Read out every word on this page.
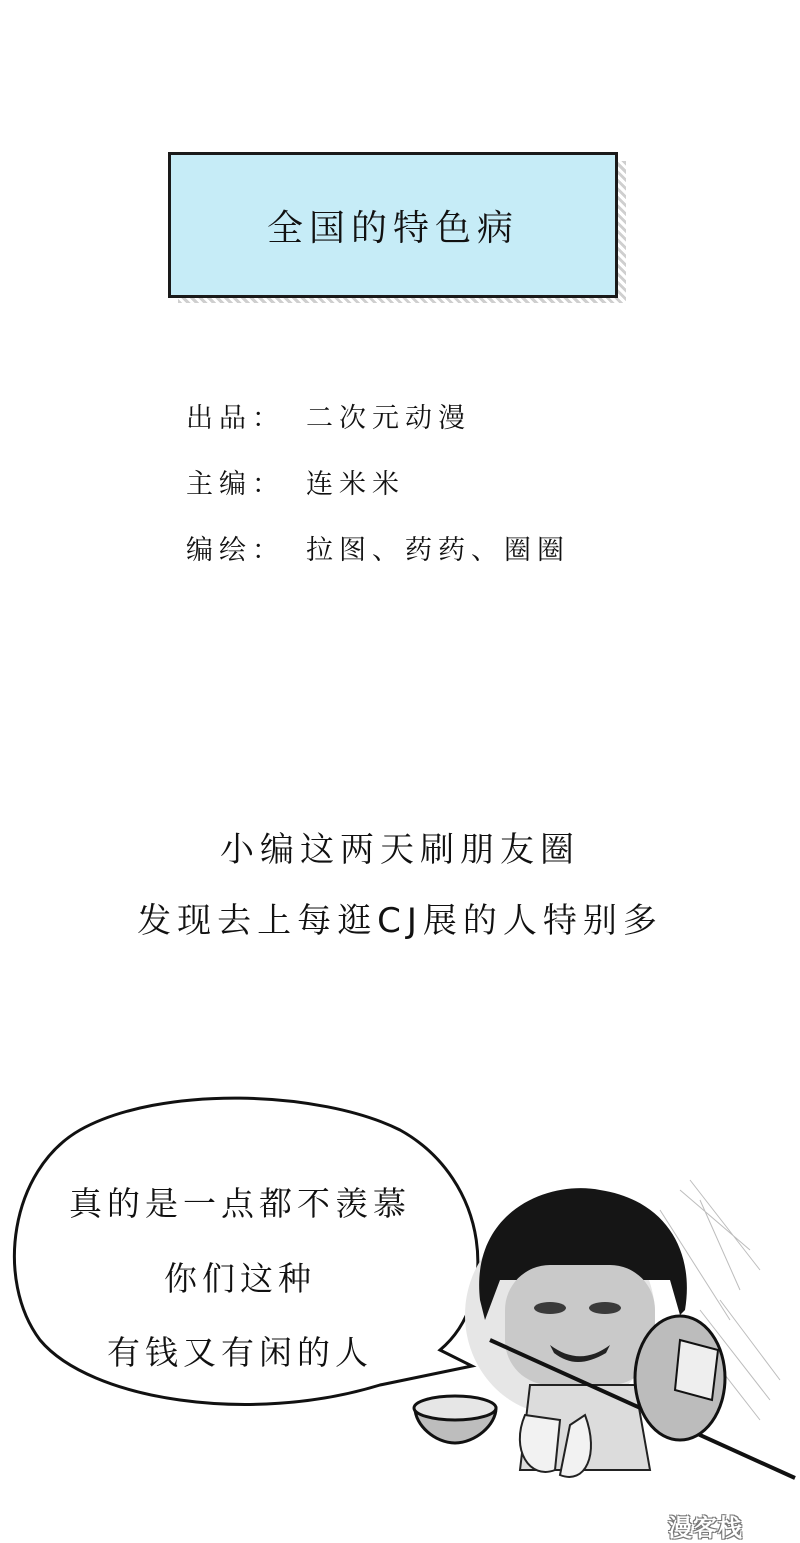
全国的特色病
出品： 二次元动漫
主编： 连米米
编绘： 拉图、药药、圈圈
小编这两天刷朋友圈
发现去上每逛CJ展的人特别多
真的是一点都不羡慕
你们这种
有钱又有闲的人
漫客栈
